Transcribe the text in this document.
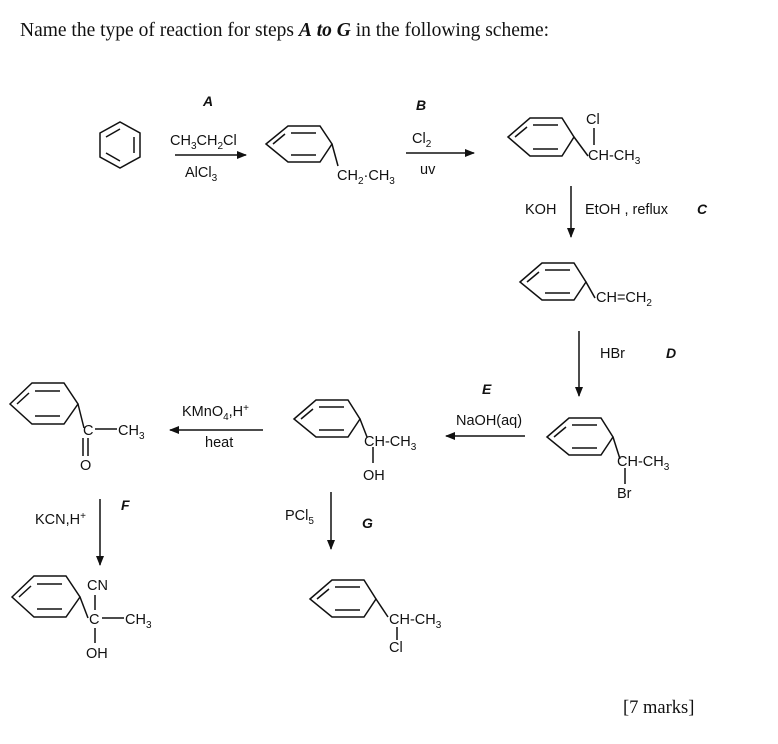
Name the type of reaction for steps A to G in the following scheme:
A
$CH_3CH_2Cl$
AlCl$_3$	$CH_2\cdot CH_3$
B
$Cl_2$
uv
Cl
$CH-CH_3$
KOH EtOH , reflux C
$CH=CH_2$
HBr	D
E
NaOH(aq)
$CH-CH_3$
Br
$CH-CH_3$
OH
KMnO$_4$,H+
heat
C $CH_3$
O
KCN,H+
F
PCl$_5$	G
CN
C $CH_3$
OH
$CH-CH_3$
Cl
[7 marks]
